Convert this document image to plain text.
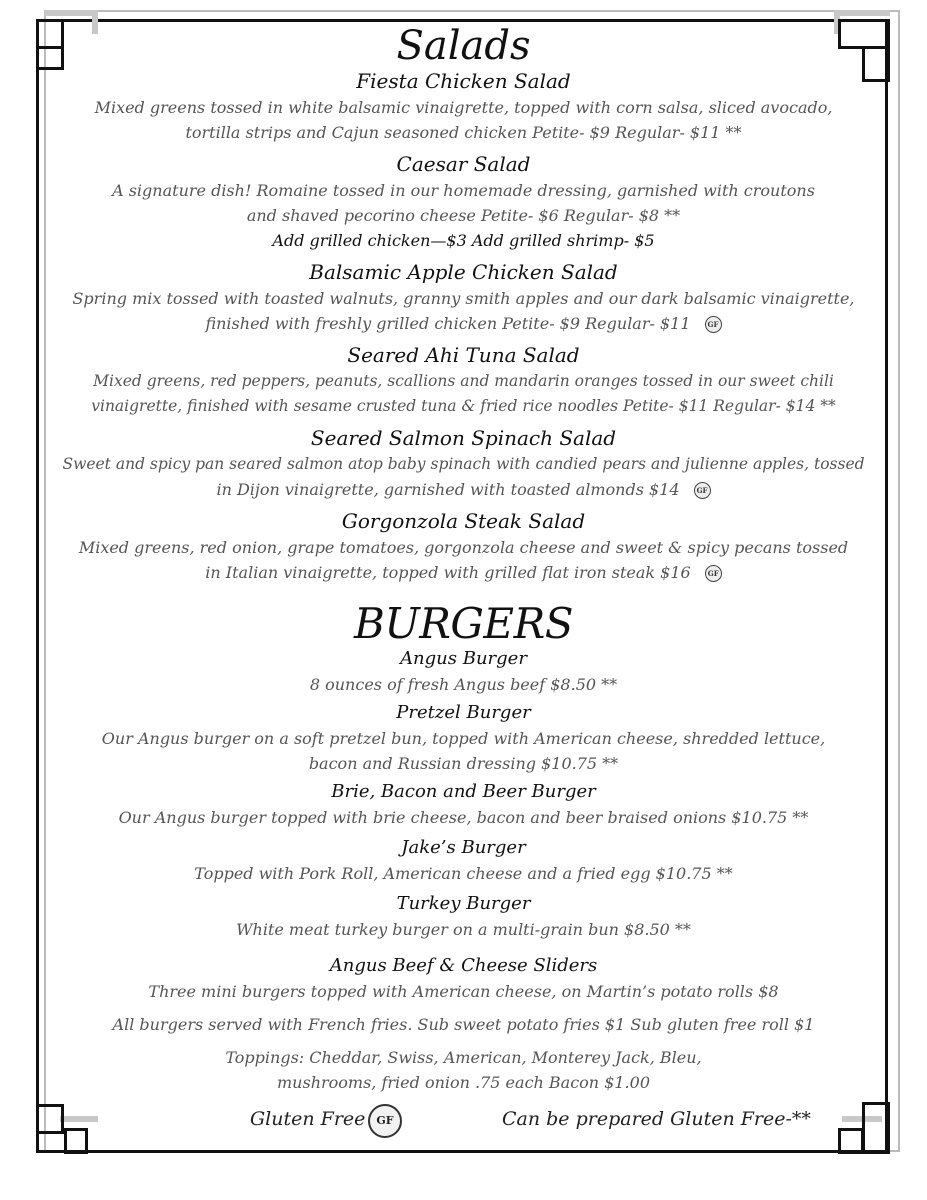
Salads

Fiesta Chicken Salad

Mixed greens tossed in white balsamic vinaigrette, topped with corn salsa, sliced avocado,

tortilla strips and Cajun seasoned chicken Petite- $9 Regular- $11 **

Caesar Salad

A signature dish! Romaine tossed in our homemade dressing, garnished with croutons

and shaved pecorino cheese Petite- $6 Regular- $8 **

Add grilled chicken—$3 Add grilled shrimp- $5

Balsamic Apple Chicken Salad

Spring mix tossed with toasted walnuts, granny smith apples and our dark balsamic vinaigrette,

finished with freshly grilled chicken Petite- $9 Regular- $11 GF

Seared Ahi Tuna Salad

Mixed greens, red peppers, peanuts, scallions and mandarin oranges tossed in our sweet chili

vinaigrette, finished with sesame crusted tuna & fried rice noodles Petite- $11 Regular- $14 **

Seared Salmon Spinach Salad

Sweet and spicy pan seared salmon atop baby spinach with candied pears and julienne apples, tossed

in Dijon vinaigrette, garnished with toasted almonds $14 GF

Gorgonzola Steak Salad

Mixed greens, red onion, grape tomatoes, gorgonzola cheese and sweet & spicy pecans tossed

in Italian vinaigrette, topped with grilled flat iron steak $16 GF

BURGERS

Angus Burger

8 ounces of fresh Angus beef $8.50 **

Pretzel Burger

Our Angus burger on a soft pretzel bun, topped with American cheese, shredded lettuce,

bacon and Russian dressing $10.75 **

Brie, Bacon and Beer Burger

Our Angus burger topped with brie cheese, bacon and beer braised onions $10.75 **

Jake’s Burger

Topped with Pork Roll, American cheese and a fried egg $10.75 **

Turkey Burger

White meat turkey burger on a multi-grain bun $8.50 **

Angus Beef & Cheese Sliders

Three mini burgers topped with American cheese, on Martin’s potato rolls $8

All burgers served with French fries. Sub sweet potato fries $1 Sub gluten free roll $1

Toppings: Cheddar, Swiss, American, Monterey Jack, Bleu,

mushrooms, fried onion .75 each Bacon $1.00

Gluten Free GF	Can be prepared Gluten Free-**
